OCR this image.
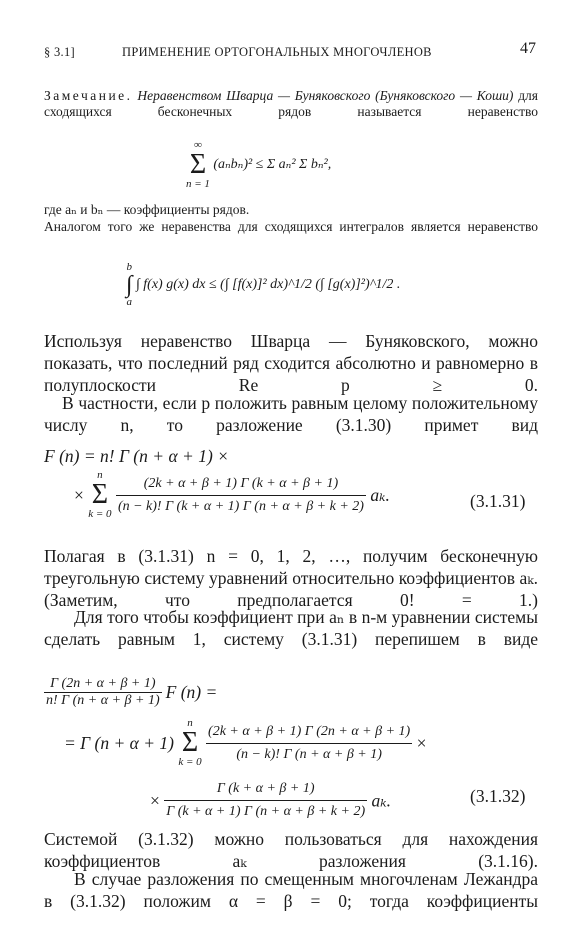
§ 3.1]	ПРИМЕНЕНИЕ ОРТОГОНАЛЬНЫХ МНОГОЧЛЕНОВ	47
Замечание. Неравенством Шварца — Буняковского (Буняковского — Коши) для сходящихся бесконечных рядов называется неравенство
∞
Σ
n = 1
(aₙbₙ)² ≤ Σ aₙ² Σ bₙ²,
где aₙ и bₙ — коэффициенты рядов.
Аналогом того же неравенства для сходящихся интегралов является неравенство
b
∫
a
∫ f(x) g(x) dx ≤ (∫ [f(x)]² dx)^1/2 (∫ [g(x)]²)^1/2 .
Используя неравенство Шварца — Буняковского, можно показать, что последний ряд сходится абсолютно и равномерно в полуплоскости Re p ≥ 0.
В частности, если p положить равным целому положительному числу n, то разложение (3.1.30) примет вид
F (n) = n! Γ (n + α + 1) ×
×
n
Σ
k = 0
$\frac{(2k + \alpha + \beta + 1) \Gamma (k + \alpha + \beta + 1)}{(n - k)! \Gamma (k + \alpha + 1) \Gamma (n + \alpha + \beta + k + 2)} a_k$.	(3.1.31)
Полагая в (3.1.31) n = 0, 1, 2, …, получим бесконечную треугольную систему уравнений относительно коэффициентов aₖ. (Заметим, что предполагается 0! = 1.)
Для того чтобы коэффициент при aₙ в n-м уравнении системы сделать равным 1, систему (3.1.31) перепишем в виде
$\frac{\Gamma (2n + \alpha + \beta + 1)}{n! \Gamma (n + \alpha + \beta + 1)}$ F (n) =
= Γ (n + α + 1)
n
Σ
k = 0
$\frac{(2k + \alpha + \beta + 1) \Gamma (2n + \alpha + \beta + 1)}{(n - k)! \Gamma (n + \alpha + \beta + 1)}$ ×
× $\frac{\Gamma (k + \alpha + \beta + 1)}{\Gamma (k + \alpha + 1) \Gamma (n + \alpha + \beta + k + 2)} a_k$.	(3.1.32)
Системой (3.1.32) можно пользоваться для нахождения коэффициентов aₖ разложения (3.1.16).
В случае разложения по смещенным многочленам Лежандра в (3.1.32) положим α = β = 0; тогда коэффициенты
